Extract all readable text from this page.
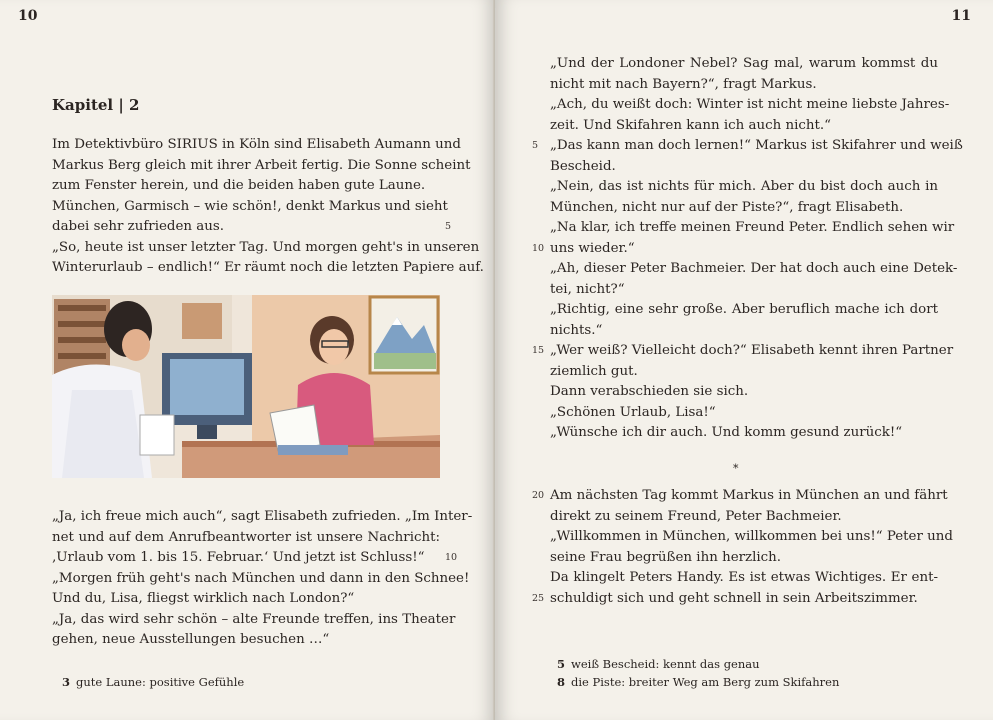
10
Kapitel | 2
Im Detektivbüro SIRIUS in Köln sind Elisabeth Aumann und
Markus Berg gleich mit ihrer Arbeit fertig. Die Sonne scheint
zum Fenster herein, und die beiden haben gute Laune.
München, Garmisch – wie schön!, denkt Markus und sieht
dabei sehr zufrieden aus.	5
„So, heute ist unser letzter Tag. Und morgen geht's in unseren
Winterurlaub – endlich!“ Er räumt noch die letzten Papiere auf.
„Ja, ich freue mich auch“, sagt Elisabeth zufrieden. „Im Inter-
net und auf dem Anrufbeantworter ist unsere Nachricht:
‚Urlaub vom 1. bis 15. Februar.‘ Und jetzt ist Schluss!“ 10
„Morgen früh geht's nach München und dann in den Schnee!
Und du, Lisa, fliegst wirklich nach London?“
„Ja, das wird sehr schön – alte Freunde treffen, ins Theater
gehen, neue Ausstellungen besuchen …“
3 gute Laune: positive Gefühle
11
„Und der Londoner Nebel? Sag mal, warum kommst du
nicht mit nach Bayern?“, fragt Markus.
„Ach, du weißt doch: Winter ist nicht meine liebste Jahres-
zeit. Und Skifahren kann ich auch nicht.“
„Das kann man doch lernen!“ Markus ist Skifahrer und weiß
5
Bescheid.
„Nein, das ist nichts für mich. Aber du bist doch auch in
München, nicht nur auf der Piste?“, fragt Elisabeth.
„Na klar, ich treffe meinen Freund Peter. Endlich sehen wir
uns wieder.“
10
„Ah, dieser Peter Bachmeier. Der hat doch auch eine Detek-
tei, nicht?“
„Richtig, eine sehr große. Aber beruflich mache ich dort
nichts.“
„Wer weiß? Vielleicht doch?“ Elisabeth kennt ihren Partner
15
ziemlich gut.
Dann verabschieden sie sich.
„Schönen Urlaub, Lisa!“
„Wünsche ich dir auch. Und komm gesund zurück!“
*
Am nächsten Tag kommt Markus in München an und fährt
20
direkt zu seinem Freund, Peter Bachmeier.
„Willkommen in München, willkommen bei uns!“ Peter und
seine Frau begrüßen ihn herzlich.
Da klingelt Peters Handy. Es ist etwas Wichtiges. Er ent-
schuldigt sich und geht schnell in sein Arbeitszimmer.
25
5 weiß Bescheid: kennt das genau
8 die Piste: breiter Weg am Berg zum Skifahren
